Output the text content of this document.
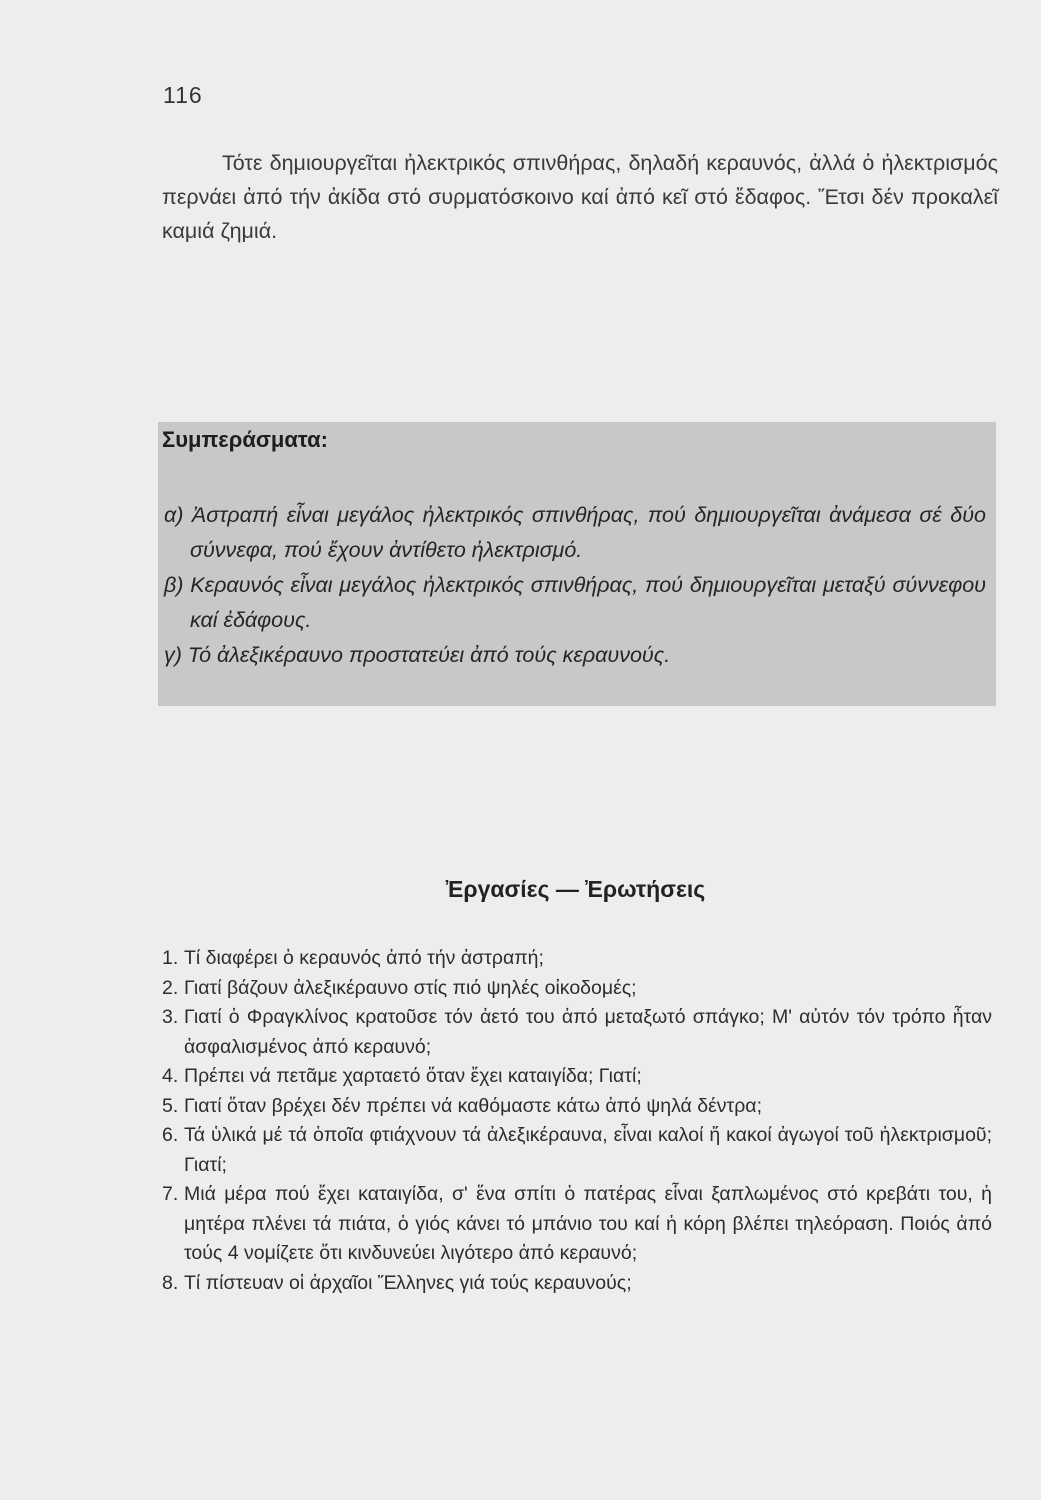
116

Τότε δημιουργεῖται ἠλεκτρικός σπινθήρας, δηλαδή κεραυνός, ἀλλά ὁ ἠλεκτρισμός περνάει ἀπό τήν ἀκίδα στό συρματόσκοινο καί ἀπό κεῖ στό ἔδαφος. Ἔτσι δέν προκαλεῖ καμιά ζημιά.

Συμπεράσματα:
α) Ἀστραπή εἶναι μεγάλος ἠλεκτρικός σπινθήρας, πού δημιουργεῖται ἀνάμεσα σέ δύο σύννεφα, πού ἔχουν ἀντίθετο ἠλεκτρισμό.
β) Κεραυνός εἶναι μεγάλος ἠλεκτρικός σπινθήρας, πού δημιουργεῖται μεταξύ σύννεφου καί ἐδάφους.
γ) Τό ἀλεξικέραυνο προστατεύει ἀπό τούς κεραυνούς.
Ἐργασίες — Ἐρωτήσεις
1. Τί διαφέρει ὁ κεραυνός ἀπό τήν ἀστραπή;
2. Γιατί βάζουν ἀλεξικέραυνο στίς πιό ψηλές οἰκοδομές;
3. Γιατί ὁ Φραγκλίνος κρατοῦσε τόν ἀετό του ἀπό μεταξωτό σπάγκο; Μ' αὐτόν τόν τρόπο ἦταν ἀσφαλισμένος ἀπό κεραυνό;
4. Πρέπει νά πετᾶμε χαρταετό ὅταν ἔχει καταιγίδα; Γιατί;
5. Γιατί ὅταν βρέχει δέν πρέπει νά καθόμαστε κάτω ἀπό ψηλά δέντρα;
6. Τά ὑλικά μέ τά ὁποῖα φτιάχνουν τά ἀλεξικέραυνα, εἶναι καλοί ἤ κακοί ἀγωγοί τοῦ ἠλεκτρισμοῦ; Γιατί;
7. Μιά μέρα πού ἔχει καταιγίδα, σ' ἕνα σπίτι ὁ πατέρας εἶναι ξαπλωμένος στό κρεβάτι του, ἡ μητέρα πλένει τά πιάτα, ὁ γιός κάνει τό μπάνιο του καί ἡ κόρη βλέπει τηλεόραση. Ποιός ἀπό τούς 4 νομίζετε ὅτι κινδυνεύει λιγότερο ἀπό κεραυνό;
8. Τί πίστευαν οἱ ἀρχαῖοι Ἕλληνες γιά τούς κεραυνούς;
